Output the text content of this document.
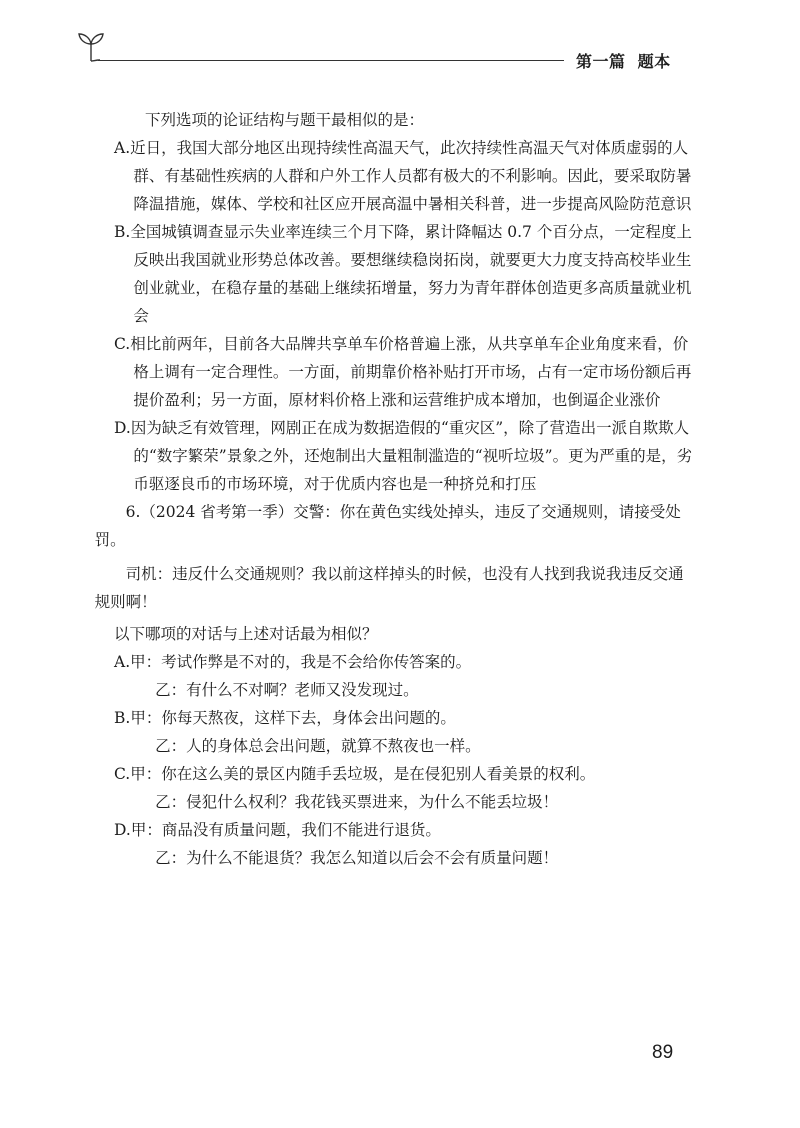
第一篇  题本

下列选项的论证结构与题干最相似的是：

A.近日，我国大部分地区出现持续性高温天气，此次持续性高温天气对体质虚弱的人群、有基础性疾病的人群和户外工作人员都有极大的不利影响。因此，要采取防暑降温措施，媒体、学校和社区应开展高温中暑相关科普，进一步提高风险防范意识
B.全国城镇调查显示失业率连续三个月下降，累计降幅达 0.7 个百分点，一定程度上反映出我国就业形势总体改善。要想继续稳岗拓岗，就要更大力度支持高校毕业生创业就业，在稳存量的基础上继续拓增量，努力为青年群体创造更多高质量就业机会
C.相比前两年，目前各大品牌共享单车价格普遍上涨，从共享单车企业角度来看，价格上调有一定合理性。一方面，前期靠价格补贴打开市场，占有一定市场份额后再提价盈利；另一方面，原材料价格上涨和运营维护成本增加，也倒逼企业涨价
D.因为缺乏有效管理，网剧正在成为数据造假的“重灾区”，除了营造出一派自欺欺人的“数字繁荣”景象之外，还炮制出大量粗制滥造的“视听垃圾”。更为严重的是，劣币驱逐良币的市场环境，对于优质内容也是一种挤兑和打压

6.（2024 省考第一季）交警：你在黄色实线处掉头，违反了交通规则，请接受处罚。

司机：违反什么交通规则？我以前这样掉头的时候，也没有人找到我说我违反交通规则啊！

以下哪项的对话与上述对话最为相似？

A.甲：考试作弊是不对的，我是不会给你传答案的。
乙：有什么不对啊？老师又没发现过。
B.甲：你每天熬夜，这样下去，身体会出问题的。
乙：人的身体总会出问题，就算不熬夜也一样。
C.甲：你在这么美的景区内随手丢垃圾，是在侵犯别人看美景的权利。
乙：侵犯什么权利？我花钱买票进来，为什么不能丢垃圾！
D.甲：商品没有质量问题，我们不能进行退货。
乙：为什么不能退货？我怎么知道以后会不会有质量问题！
89
